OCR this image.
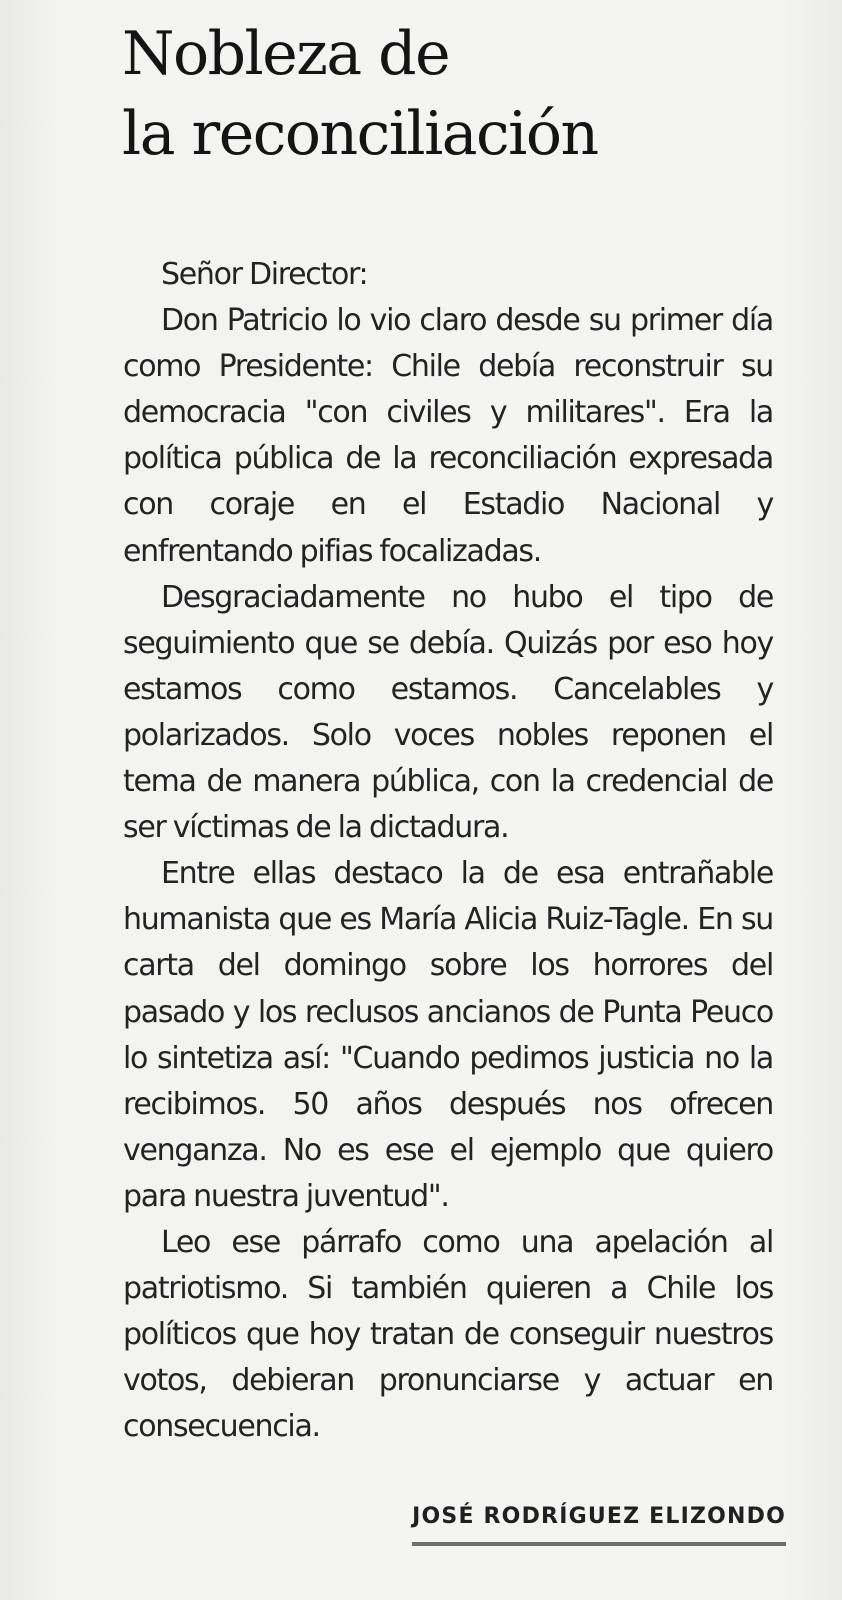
Nobleza de
la reconciliación

Señor Director:

Don Patricio lo vio claro desde su primer día como Presidente: Chile debía reconstruir su democracia "con civiles y militares". Era la política pública de la reconciliación expresada con coraje en el Estadio Nacional y enfrentando pifias focalizadas.

Desgraciadamente no hubo el tipo de seguimiento que se debía. Quizás por eso hoy estamos como estamos. Cancelables y polarizados. Solo voces nobles reponen el tema de manera pública, con la credencial de ser víctimas de la dictadura.

Entre ellas destaco la de esa entrañable humanista que es María Alicia Ruiz-Tagle. En su carta del domingo sobre los horrores del pasado y los reclusos ancianos de Punta Peuco lo sintetiza así: "Cuando pedimos justicia no la recibimos. 50 años después nos ofrecen venganza. No es ese el ejemplo que quiero para nuestra juventud".

Leo ese párrafo como una apelación al patriotismo. Si también quieren a Chile los políticos que hoy tratan de conseguir nuestros votos, debieran pronunciarse y actuar en consecuencia.

JOSÉ RODRÍGUEZ ELIZONDO
